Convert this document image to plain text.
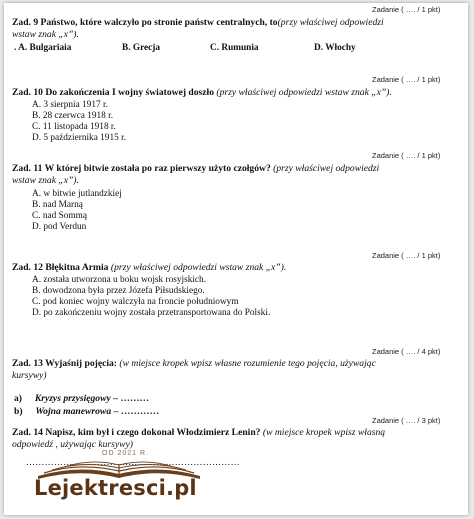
Zadanie ( …. / 1 pkt)
Zad. 9 Państwo, które walczyło po stronie państw centralnych, to(przy właściwej odpowiedzi
wstaw znak „x”).
. A. Bulgariaia	B. Grecja	C. Rumunia	D. Włochy
Zadanie ( …. / 1 pkt)
Zad. 10 Do zakończenia I wojny światowej doszło (przy właściwej odpowiedzi wstaw znak „x”).
A. 3 sierpnia 1917 r.
B. 28 czerwca 1918 r.
C. 11 listopada 1918 r.
D. 5 października 1915 r.
Zadanie ( …. / 1 pkt)
Zad. 11 W której bitwie została po raz pierwszy użyto czołgów? (przy właściwej odpowiedzi
wstaw znak „x”).
A. w bitwie jutlandzkiej
B. nad Marną
C. nad Sommą
D. pod Verdun
Zadanie ( …. / 1 pkt)
Zad. 12 Błękitna Armia (przy właściwej odpowiedzi wstaw znak „x”).
A. została utworzona u boku wojsk rosyjskich.
B. dowodzona była przez Józefa Piłsudskiego.
C. pod koniec wojny walczyła na froncie południowym
D. po zakończeniu wojny została przetransportowana do Polski.
Zadanie ( …. / 4 pkt)
Zad. 13 Wyjaśnij pojęcia: (w miejsce kropek wpisz własne rozumienie tego pojęcia, używając
kursywy)
a) Kryzys przysięgowy – ………
b) Wojna manewrowa – …………
Zadanie ( …. / 3 pkt)
Zad. 14 Napisz, kim był i czego dokonał Włodzimierz Lenin? (w miejsce kropek wpisz własną
odpowiedź , używając kursywy)
……………………………………………………………
OD 2021 R.
Lejektresci.pl
